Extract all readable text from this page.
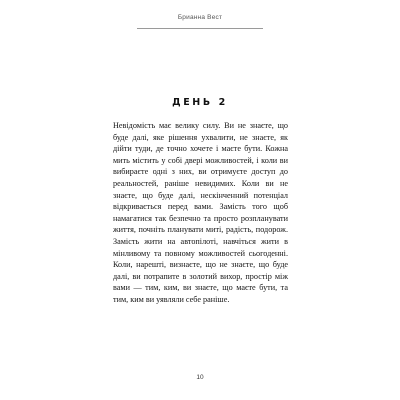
Брианна Вест
ДЕНЬ 2

Невідомість має велику силу. Ви не знаєте, що буде далі, яке рішення ухвалити, не знаєте, як дійти туди, де точно хочете і маєте бути. Кожна мить містить у собі двері можливостей, і коли ви вибираєте одні з них, ви отримуєте доступ до реальностей, раніше невидимих. Коли ви не знаєте, що буде далі, нескінченний потенціал відкривається перед вами. Замість того щоб намагатися так безпечно та просто розпланувати життя, почніть планувати миті, радість, подорож. Замість жити на автопілоті, навчіться жити в мінливому та повному можливостей сьогоденні. Коли, нарешті, визнаєте, що не знаєте, що буде далі, ви потрапите в золотий вихор, простір між вами — тим, ким, ви знаєте, що маєте бути, та тим, ким ви уявляли себе раніше.

10
